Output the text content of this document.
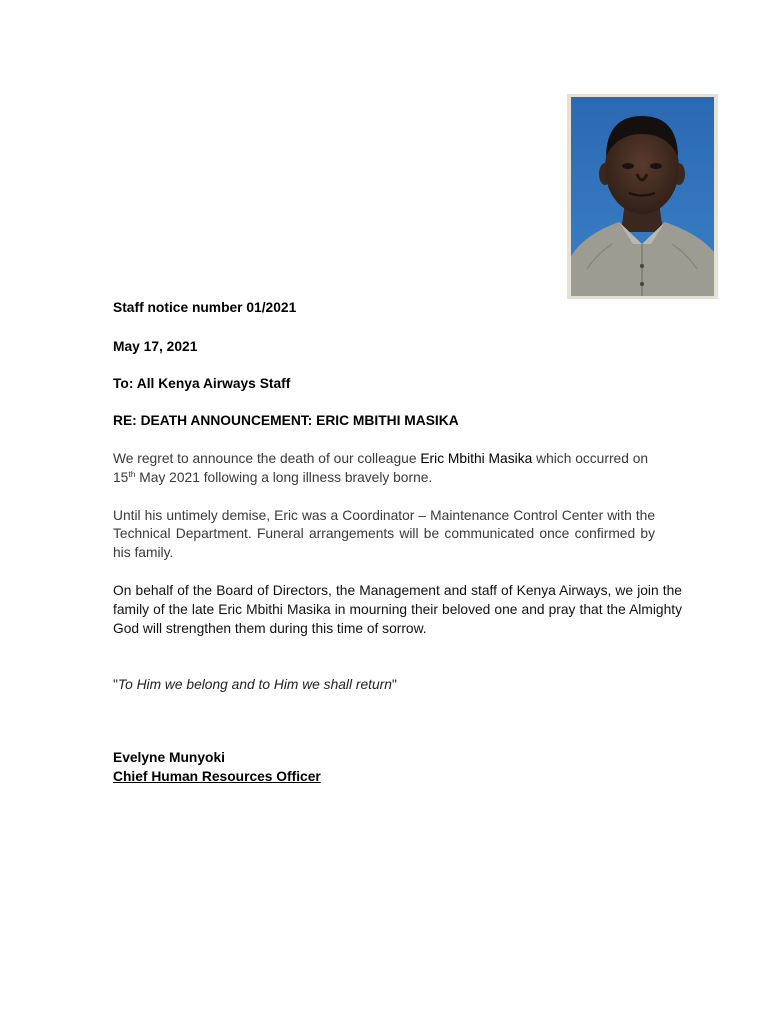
Staff notice number 01/2021
May 17, 2021
To: All Kenya Airways Staff
RE: DEATH ANNOUNCEMENT: ERIC MBITHI MASIKA
We regret to announce the death of our colleague Eric Mbithi Masika which occurred on
15th May 2021 following a long illness bravely borne.
Until his untimely demise, Eric was a Coordinator – Maintenance Control Center with the
Technical Department. Funeral arrangements will be communicated once confirmed by
his family.
On behalf of the Board of Directors, the Management and staff of Kenya Airways, we join the
family of the late Eric Mbithi Masika in mourning their beloved one and pray that the Almighty
God will strengthen them during this time of sorrow.
"To Him we belong and to Him we shall return"
Evelyne Munyoki
Chief Human Resources Officer
